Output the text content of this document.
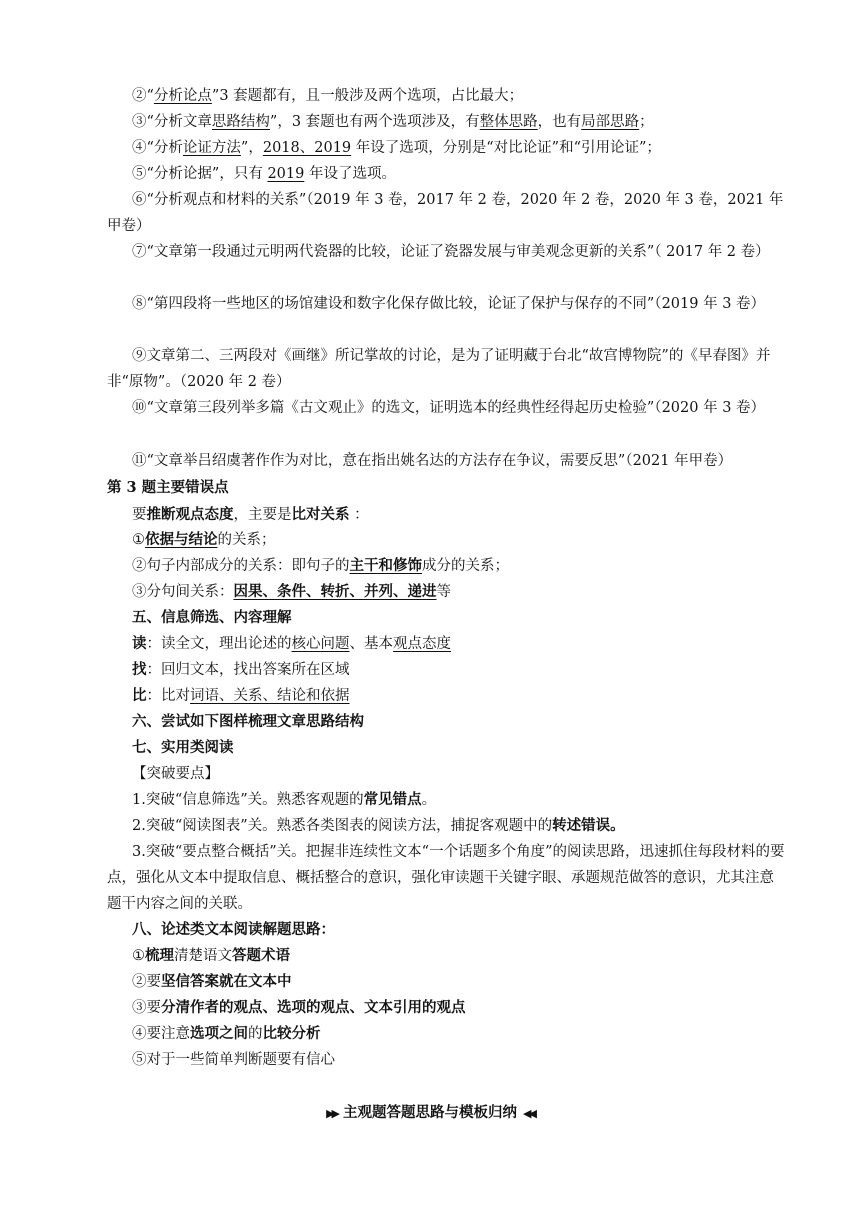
②“分析论点”3 套题都有，且一般涉及两个选项，占比最大；
③“分析文章思路结构”，3 套题也有两个选项涉及，有整体思路，也有局部思路；
④“分析论证方法”，2018、2019 年设了选项，分别是“对比论证”和“引用论证”；
⑤“分析论据”，只有 2019 年设了选项。
⑥“分析观点和材料的关系”（2019 年 3 卷，2017 年 2 卷，2020 年 2 卷，2020 年 3 卷，2021 年甲卷）
⑦“文章第一段通过元明两代瓷器的比较，论证了瓷器发展与审美观念更新的关系”（ 2017 年 2 卷）
⑧“第四段将一些地区的场馆建设和数字化保存做比较，论证了保护与保存的不同”（2019 年 3 卷）
⑨文章第二、三两段对《画继》所记掌故的讨论，是为了证明藏于台北“故宫博物院”的《早春图》并非“原物”。（2020 年 2 卷）
⑩“文章第三段列举多篇《古文观止》的选文，证明选本的经典性经得起历史检验”（2020 年 3 卷）
⑪“文章举吕绍虞著作作为对比，意在指出姚名达的方法存在争议，需要反思”（2021 年甲卷）
第 3 题主要错误点
要推断观点态度，主要是比对关系 ：
①依据与结论的关系；
②句子内部成分的关系：即句子的主干和修饰成分的关系；
③分句间关系：因果、条件、转折、并列、递进等
五、信息筛选、内容理解
读：读全文，理出论述的核心问题、基本观点态度
找：回归文本，找出答案所在区域
比：比对词语、关系、结论和依据
六、尝试如下图样梳理文章思路结构
七、实用类阅读
【突破要点】
1.突破“信息筛选”关。熟悉客观题的常见错点。
2.突破“阅读图表”关。熟悉各类图表的阅读方法，捕捉客观题中的转述错误。
3.突破“要点整合概括”关。把握非连续性文本“一个话题多个角度”的阅读思路，迅速抓住每段材料的要点，强化从文本中提取信息、概括整合的意识，强化审读题干关键字眼、承题规范做答的意识，尤其注意题干内容之间的关联。
八、论述类文本阅读解题思路：
①梳理清楚语文答题术语
②要坚信答案就在文本中
③要分清作者的观点、选项的观点、文本引用的观点
④要注意选项之间的比较分析
⑤对于一些简单判断题要有信心
▶▶ 主观题答题思路与模板归纳 ◀◀
